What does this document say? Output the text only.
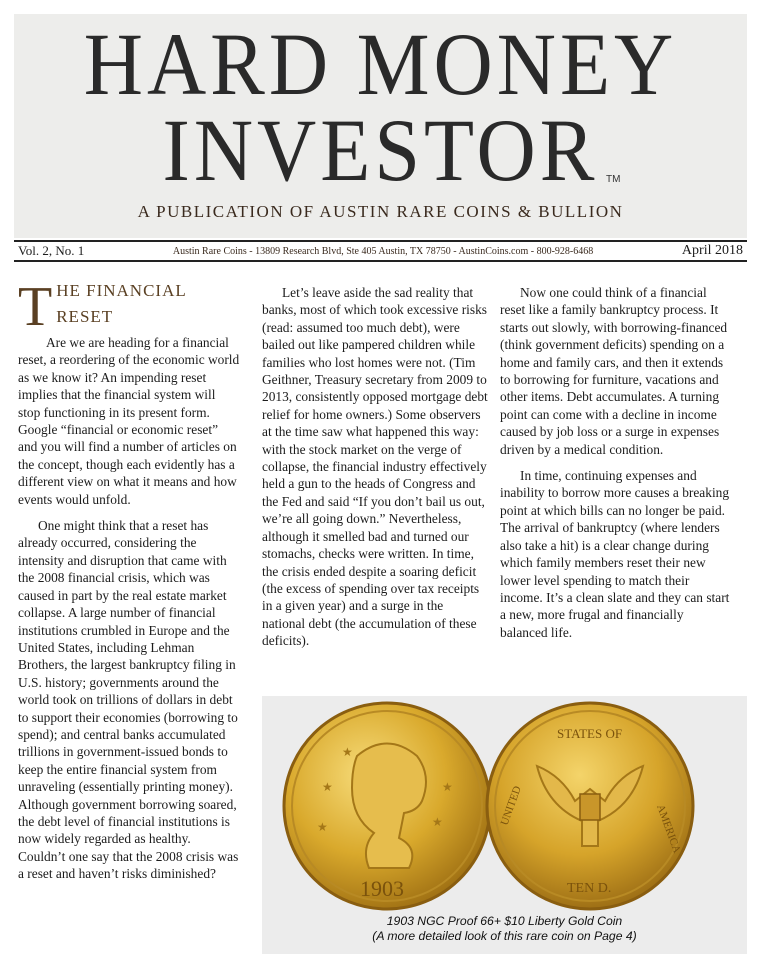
HARD MONEY
INVESTOR TM
A PUBLICATION OF AUSTIN RARE COINS & BULLION
Vol. 2, No. 1	Austin Rare Coins - 13809 Research Blvd, Ste 405 Austin, TX 78750 - AustinCoins.com - 800-928-6468	April 2018
T HE FINANCIAL

RESET

Are we are heading for a financial reset, a reordering of the economic world as we know it? An impending reset implies that the financial system will stop functioning in its present form. Google “financial or economic reset” and you will find a number of articles on the concept, though each evidently has a different view on what it means and how events would unfold.

One might think that a reset has already occurred, considering the intensity and disruption that came with the 2008 financial crisis, which was caused in part by the real estate market collapse. A large number of financial institutions crumbled in Europe and the United States, including Lehman Brothers, the largest bankruptcy filing in U.S. history; governments around the world took on trillions of dollars in debt to support their economies (borrowing to spend); and central banks accumulated trillions in government-issued bonds to keep the entire financial system from unraveling (essentially printing money). Although government borrowing soared, the debt level of financial institutions is now widely regarded as healthy. Couldn’t one say that the 2008 crisis was a reset and haven’t risks diminished?

Let’s leave aside the sad reality that banks, most of which took excessive risks (read: assumed too much debt), were bailed out like pampered children while families who lost homes were not. (Tim Geithner, Treasury secretary from 2009 to 2013, consistently opposed mortgage debt relief for home owners.) Some observers at the time saw what happened this way: with the stock market on the verge of collapse, the financial industry effectively held a gun to the heads of Congress and the Fed and said “If you don’t bail us out, we’re all going down.” Nevertheless, although it smelled bad and turned our stomachs, checks were written. In time, the crisis ended despite a soaring deficit (the excess of spending over tax receipts in a given year) and a surge in the national debt (the accumulation of these deficits).

Now one could think of a financial reset like a family bankruptcy process. It starts out slowly, with borrowing-financed (think government deficits) spending on a home and family cars, and then it extends to borrowing for furniture, vacations and other items. Debt accumulates. A turning point can come with a decline in income caused by job loss or a surge in expenses driven by a medical condition.

In time, continuing expenses and inability to borrow more causes a breaking point at which bills can no longer be paid. The arrival of bankruptcy (where lenders also take a hit) is a clear change during which family members reset their new lower level spending to match their income. It’s a clean slate and they can start a new, more frugal and financially balanced life.

★
★
★	★
★
1903
STATES OF
AMERICA
UNITED
TEN D.
1903 NGC Proof 66+ $10 Liberty Gold Coin
(A more detailed look of this rare coin on Page 4)
